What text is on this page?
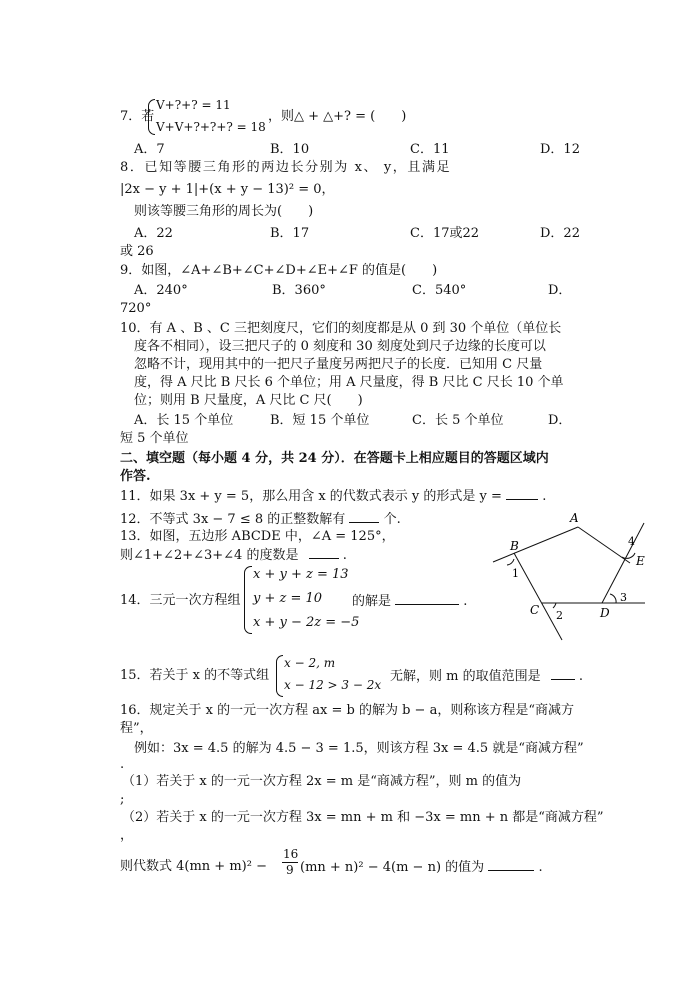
7．若
V+?+? = 11
V+V+?+?+? = 18
，则△ + △+? = (　　)
A．7	B．10	C．11	D．12
8．已知等腰三角形的两边长分别为 x、 y，且满足
|2x − y + 1|+(x + y − 13)² = 0，
则该等腰三角形的周长为(　　)
A．22	B．17	C．17或22	D．22
或 26
9．如图，∠A+∠B+∠C+∠D+∠E+∠F 的值是(　　)
A．240°	B．360°	C．540°	D．
720°
10．有 A 、B 、C 三把刻度尺，它们的刻度都是从 0 到 30 个单位（单位长
度各不相同），设三把尺子的 0 刻度和 30 刻度处到尺子边缘的长度可以
忽略不计，现用其中的一把尺子量度另两把尺子的长度．已知用 C 尺量
度，得 A 尺比 B 尺长 6 个单位；用 A 尺量度，得 B 尺比 C 尺长 10 个单
位；则用 B 尺量度，A 尺比 C 尺(　　)
A．长 15 个单位	B．短 15 个单位	C．长 5 个单位	D．
短 5 个单位
二、填空题（每小题 4 分，共 24 分）．在答题卡上相应题目的答题区域内
作答.
11．如果 3x + y = 5，那么用含 x 的代数式表示 y 的形式是 y =	.
12．不等式 3x − 7 ≤ 8 的正整数解有	个.
13．如图，五边形 ABCDE 中，∠A = 125°，
则∠1+∠2+∠3+∠4 的度数是	.
14．三元一次方程组
x + y + z = 13
y + z = 10
x + y − 2z = −5
的解是	.
15．若关于 x 的不等式组
x − 2, m
x − 12 > 3 − 2x
无解，则 m 的取值范围是	.
16．规定关于 x 的一元一次方程 ax = b 的解为 b − a，则称该方程是“商减方
程”，
例如：3x = 4.5 的解为 4.5 − 3 = 1.5，则该方程 3x = 4.5 就是“商减方程”
.
（1）若关于 x 的一元一次方程 2x = m 是“商减方程”，则 m 的值为
;
（2）若关于 x 的一元一次方程 3x = mn + m 和 −3x = mn + n 都是“商减方程”
，
则代数式 4(mn + m)² −
16
9 (mn + n)² − 4(m − n) 的值为	.
A
B
C	D
E
1
2
3
4
